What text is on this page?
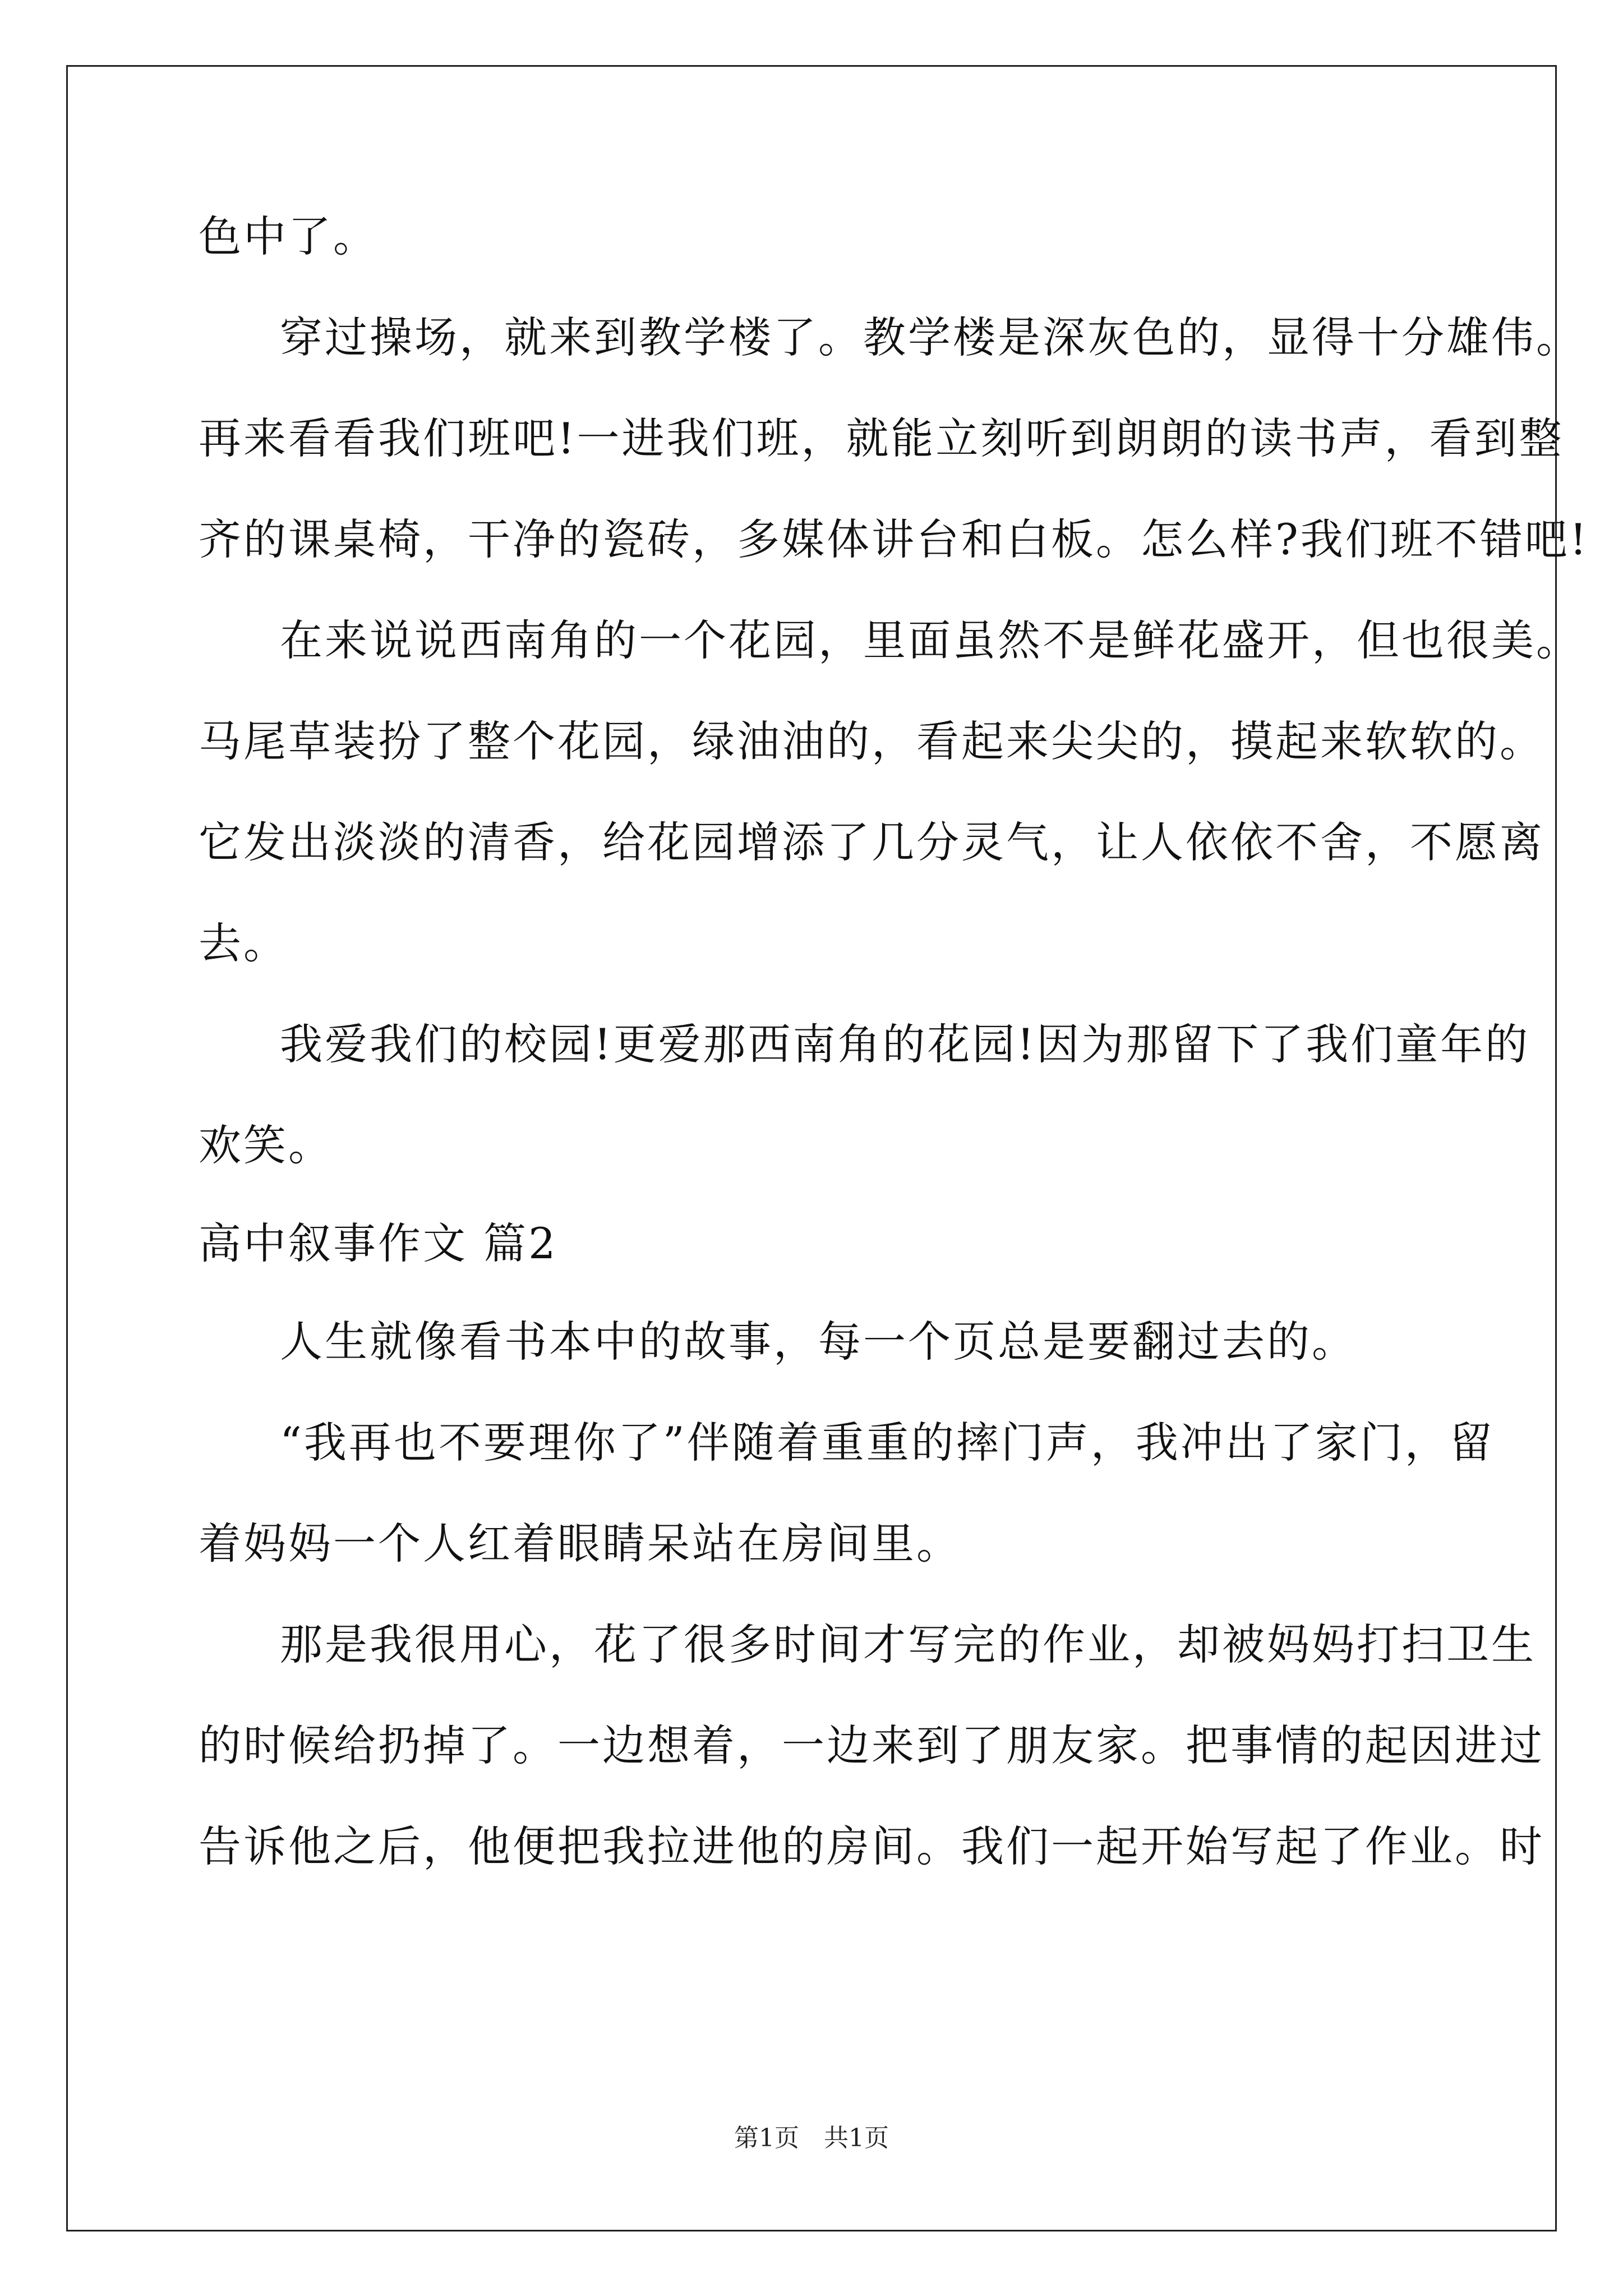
色中了。
穿过操场，就来到教学楼了。教学楼是深灰色的，显得十分雄伟。
再来看看我们班吧!一进我们班，就能立刻听到朗朗的读书声，看到整
齐的课桌椅，干净的瓷砖，多媒体讲台和白板。怎么样?我们班不错吧!
在来说说西南角的一个花园，里面虽然不是鲜花盛开，但也很美。
马尾草装扮了整个花园，绿油油的，看起来尖尖的，摸起来软软的。
它发出淡淡的清香，给花园增添了几分灵气，让人依依不舍，不愿离
去。
我爱我们的校园!更爱那西南角的花园!因为那留下了我们童年的
欢笑。
高中叙事作文 篇2
人生就像看书本中的故事，每一个页总是要翻过去的。
“我再也不要理你了”伴随着重重的摔门声，我冲出了家门，留
着妈妈一个人红着眼睛呆站在房间里。
那是我很用心，花了很多时间才写完的作业，却被妈妈打扫卫生
的时候给扔掉了。一边想着，一边来到了朋友家。把事情的起因进过
告诉他之后，他便把我拉进他的房间。我们一起开始写起了作业。时
第1页　共1页
